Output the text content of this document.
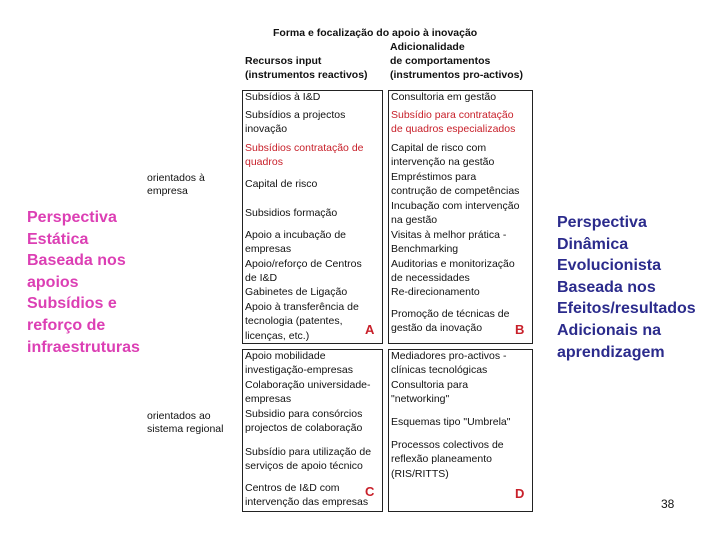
Forma e focalização do apoio à inovação
Adicionalidade
de comportamentos
(instrumentos pro-activos)
Recursos input
(instrumentos reactivos)
orientados à
empresa
orientados ao
sistema regional
Perspectiva
Estática
Baseada nos
apoios
Subsídios e
reforço de
infraestruturas
Perspectiva
Dinâmica
Evolucionista
Baseada nos
Efeitos/resultados
Adicionais na
aprendizagem
Subsídios à I&D
Subsídios a projectos
inovação
Subsídios contratação de
quadros
Capital de risco
Subsidios formação
Apoio a incubação de
empresas
Apoio/reforço de Centros
de I&D
Gabinetes de Ligação
Apoio à transferência de
tecnologia (patentes,
licenças, etc.)	A
Consultoria em gestão
Subsídio para contratação
de quadros especializados
Capital de risco com
intervenção na gestão
Empréstimos para
contrução de competências
Incubação com intervenção
na gestão
Visitas à melhor prática -
Benchmarking
Auditorias e monitorização
de necessidades
Re-direcionamento
Promoção de técnicas de
gestão da inovação	B
Apoio mobilidade
investigação-empresas
Colaboração universidade-
empresas
Subsidio para consórcios
projectos de colaboração
Subsídio para utilização de
serviços de apoio técnico
Centros de I&D com
intervenção das empresas
C
Mediadores pro-activos -
clínicas tecnológicas
Consultoria para
"networking"
Esquemas tipo "Umbrela"
Processos colectivos de
reflexão planeamento
(RIS/RITTS)
D
38
